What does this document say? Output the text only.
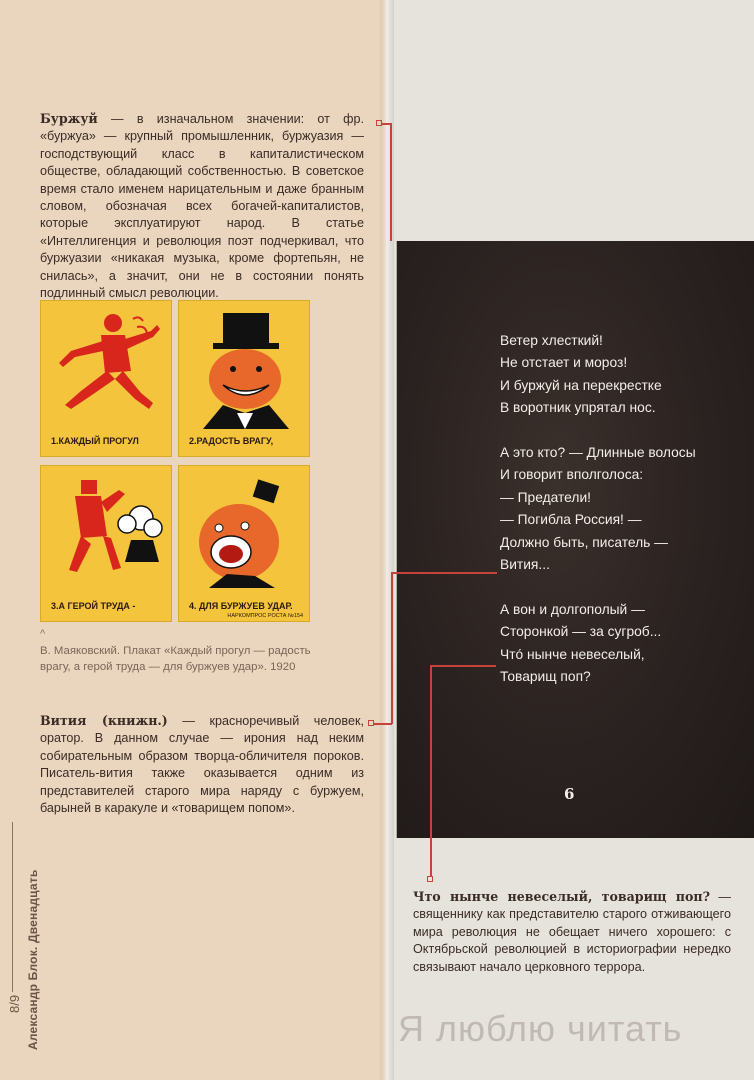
Александр Блок. Двенадцать
8/9
Буржуй — в изначальном значении: от фр. «буржуа» — крупный промышленник, буржуазия — господствующий класс в капиталистическом обществе, обладающий собственностью. В советское время стало именем нарицательным и даже бранным словом, обозначая всех богачей-капиталистов, которые эксплуатируют народ. В статье «Интеллигенция и революция поэт подчеркивал, что буржуазии «никакая музыка, кроме фортепьян, не снилась», а значит, они не в состоянии понять подлинный смысл революции.
1.КАЖДЫЙ ПРОГУЛ	2.РАДОСТЬ ВРАГУ,
3.А ГЕРОЙ ТРУДА -	4. ДЛЯ БУРЖУЕВ УДАР.
НАРКОМПРОС РОСТА №154
^
В. Маяковский. Плакат «Каждый прогул — радость врагу, а герой труда — для буржуев удар». 1920
Вития (книжн.) — красноречивый человек, оратор. В данном случае — ирония над неким собирательным образом творца-обличителя пороков. Писатель-вития также оказывается одним из представителей старого мира наряду с буржуем, барыней в каракуле и «товарищем попом».
Ветер хлесткий!
Не отстает и мороз!
И буржуй на перекрестке
В воротник упрятал нос.
А это кто? — Длинные волосы
И говорит вполголоса:
— Предатели!
— Погибла Россия! —
Должно быть, писатель —
Вития...
А вон и долгополый —
Сторонкой — за сугроб...
Чтó нынче невеселый,
Товарищ поп?
6
Что нынче невеселый, товарищ поп? — священнику как представителю старого отживающего мира революция не обещает ничего хорошего: с Октябрьской революцией в историографии нередко связывают начало церковного террора.
Я люблю читать
